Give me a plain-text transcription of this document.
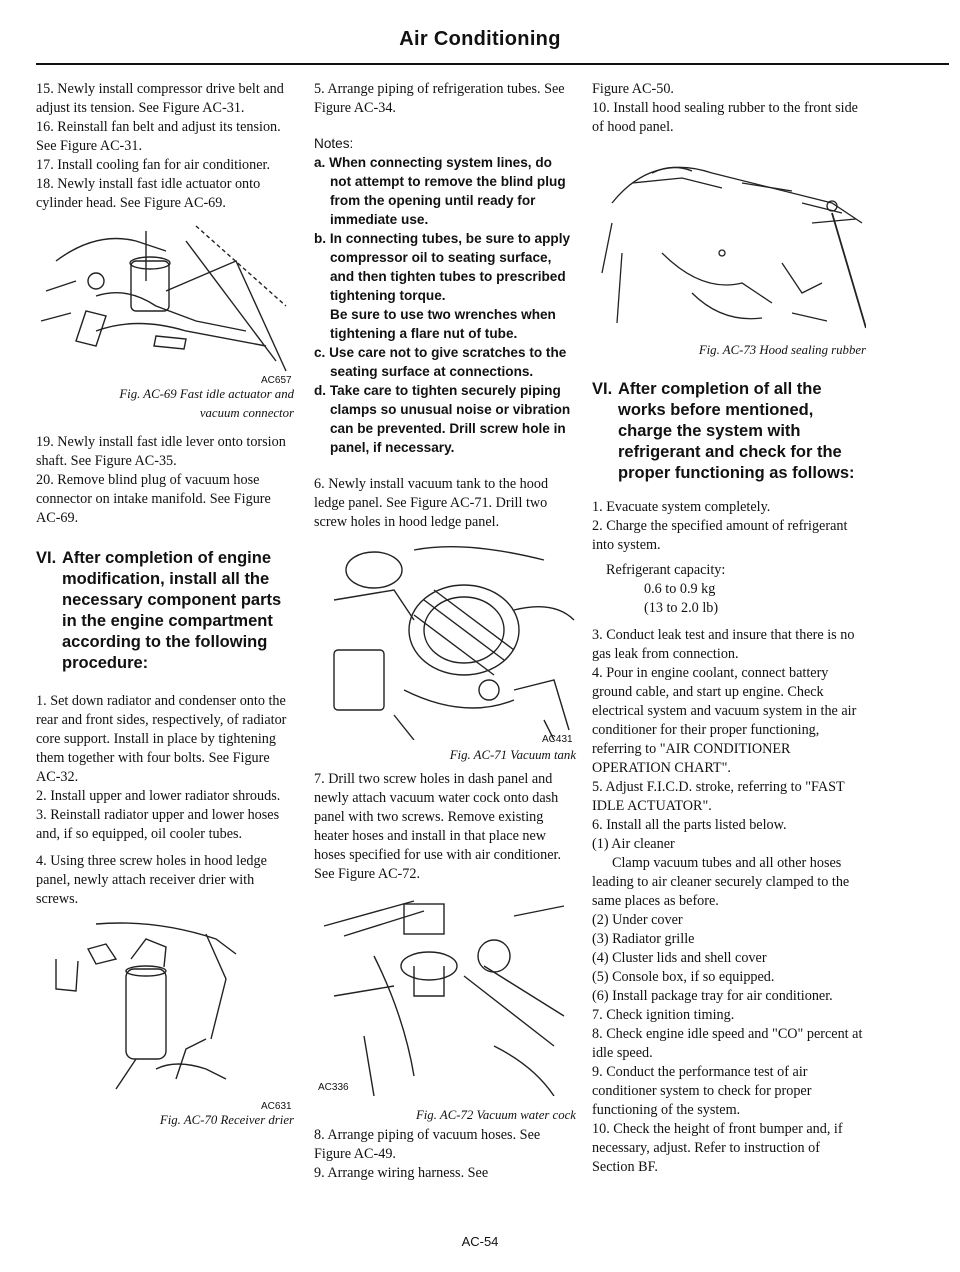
Air Conditioning

15. Newly install compressor drive belt and adjust its tension. See Figure AC-31.

16. Reinstall fan belt and adjust its tension. See Figure AC-31.

17. Install cooling fan for air conditioner.

18. Newly install fast idle actuator onto cylinder head. See Figure AC-69.

AC657

Fig. AC-69 Fast idle actuator and vacuum connector

19. Newly install fast idle lever onto torsion shaft. See Figure AC-35.

20. Remove blind plug of vacuum hose connector on intake manifold. See Figure AC-69.

VI. After completion of engine modification, install all the necessary component parts in the engine compartment according to the following procedure:

1. Set down radiator and condenser onto the rear and front sides, respectively, of radiator core support. Install in place by tightening them together with four bolts. See Figure AC-32.

2. Install upper and lower radiator shrouds.

3. Reinstall radiator upper and lower hoses and, if so equipped, oil cooler tubes.

4. Using three screw holes in hood ledge panel, newly attach receiver drier with screws.

AC631

Fig. AC-70 Receiver drier

5. Arrange piping of refrigeration tubes. See Figure AC-34.

Notes:

a. When connecting system lines, do not attempt to remove the blind plug from the opening until ready for immediate use.

b. In connecting tubes, be sure to apply compressor oil to seating surface, and then tighten tubes to prescribed tightening torque.

Be sure to use two wrenches when tightening a flare nut of tube.

c. Use care not to give scratches to the seating surface at connections.

d. Take care to tighten securely piping clamps so unusual noise or vibration can be prevented. Drill screw hole in panel, if necessary.

6. Newly install vacuum tank to the hood ledge panel. See Figure AC-71. Drill two screw holes in hood ledge panel.

AC431

Fig. AC-71 Vacuum tank

7. Drill two screw holes in dash panel and newly attach vacuum water cock onto dash panel with two screws. Remove existing heater hoses and install in that place new hoses specified for use with air conditioner. See Figure AC-72.

AC336

Fig. AC-72 Vacuum water cock

8. Arrange piping of vacuum hoses. See Figure AC-49.

9. Arrange wiring harness. See

Figure AC-50.

10. Install hood sealing rubber to the front side of hood panel.

Fig. AC-73 Hood sealing rubber

VI. After completion of all the works before mentioned, charge the system with refrigerant and check for the proper functioning as follows:

1. Evacuate system completely.

2. Charge the specified amount of refrigerant into system.

Refrigerant capacity:

0.6 to 0.9 kg

(13 to 2.0 lb)

3. Conduct leak test and insure that there is no gas leak from connection.

4. Pour in engine coolant, connect battery ground cable, and start up engine. Check electrical system and vacuum system in the air conditioner for their proper functioning, referring to "AIR CONDITIONER OPERATION CHART".

5. Adjust F.I.C.D. stroke, referring to "FAST IDLE ACTUATOR".

6. Install all the parts listed below.

(1) Air cleaner

Clamp vacuum tubes and all other hoses leading to air cleaner securely clamped to the same places as before.

(2) Under cover

(3) Radiator grille

(4) Cluster lids and shell cover

(5) Console box, if so equipped.

(6) Install package tray for air conditioner.

7. Check ignition timing.

8. Check engine idle speed and "CO" percent at idle speed.

9. Conduct the performance test of air conditioner system to check for proper functioning of the system.

10. Check the height of front bumper and, if necessary, adjust. Refer to instruction of Section BF.

AC-54
